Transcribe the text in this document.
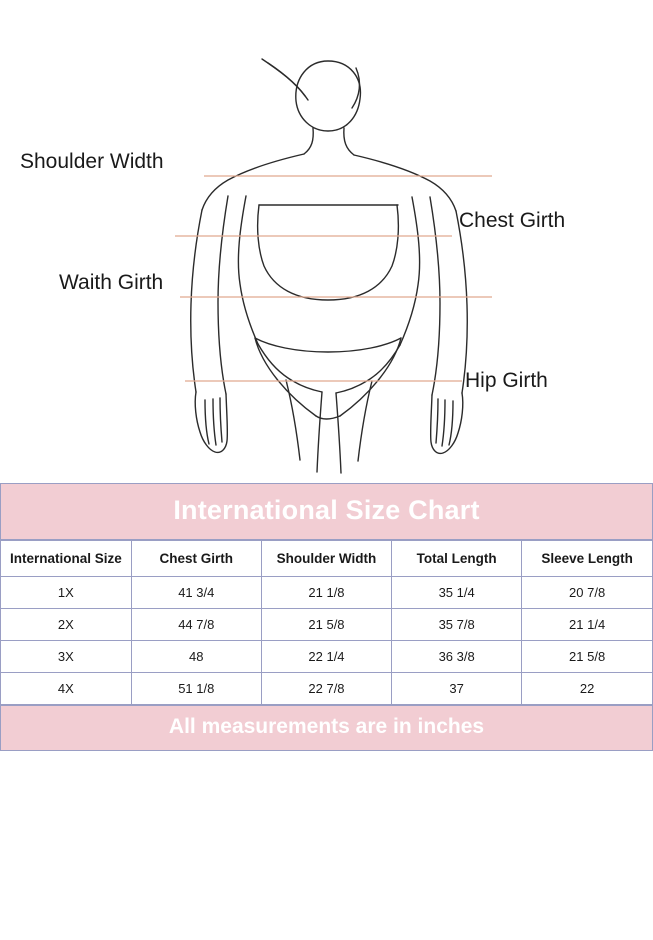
Shoulder Width
Chest Girth
Waith Girth
Hip Girth
International Size Chart
International Size	Chest Girth	Shoulder Width	Total Length	Sleeve Length
1X	41 3/4	21 1/8	35 1/4	20 7/8
2X	44 7/8	21 5/8	35 7/8	21 1/4
3X	48	22 1/4	36 3/8	21 5/8
4X	51 1/8	22 7/8	37	22
All measurements are in inches
